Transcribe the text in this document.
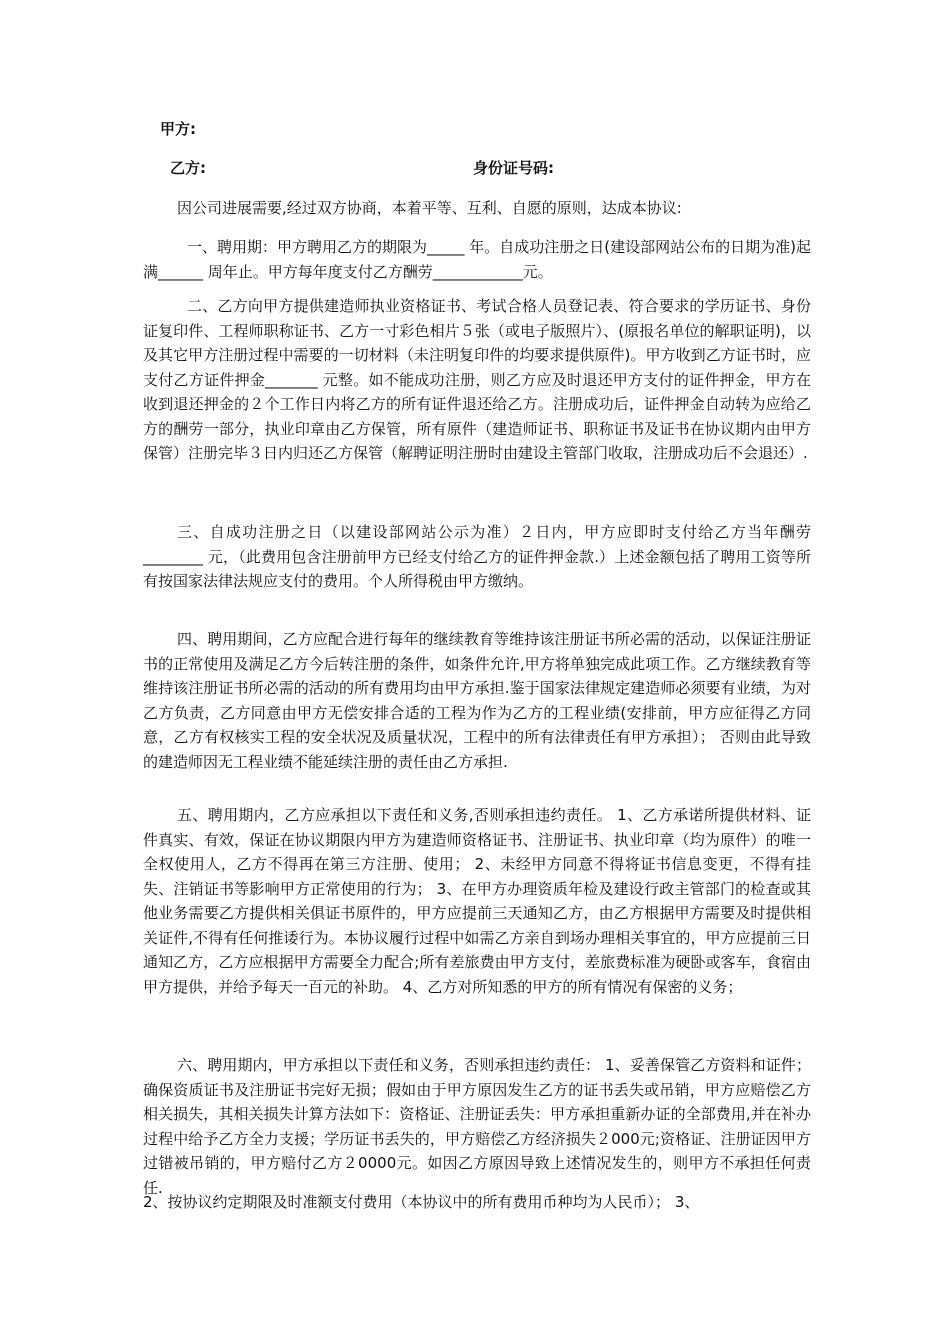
甲方:
乙方:	身份证号码:

因公司进展需要,经过双方协商，本着平等、互利、自愿的原则，达成本协议:

一、聘用期：甲方聘用乙方的期限为_____ 年。自成功注册之日(建设部网站公布的日期为准)起满______ 周年止。甲方每年度支付乙方酬劳____________元。

二、乙方向甲方提供建造师执业资格证书、考试合格人员登记表、符合要求的学历证书、身份证复印件、工程师职称证书、乙方一寸彩色相片５张（或电子版照片）、(原报名单位的解职证明)，以及其它甲方注册过程中需要的一切材料（未注明复印件的均要求提供原件)。甲方收到乙方证书时，应支付乙方证件押金_______ 元整。如不能成功注册，则乙方应及时退还甲方支付的证件押金，甲方在收到退还押金的２个工作日内将乙方的所有证件退还给乙方。注册成功后，证件押金自动转为应给乙方的酬劳一部分，执业印章由乙方保管，所有原件（建造师证书、职称证书及证书在协议期内由甲方保管）注册完毕３日内归还乙方保管（解聘证明注册时由建设主管部门收取，注册成功后不会退还）.

三、自成功注册之日（以建设部网站公示为准）２日内，甲方应即时支付给乙方当年酬劳________ 元，（此费用包含注册前甲方已经支付给乙方的证件押金款.）上述金额包括了聘用工资等所有按国家法律法规应支付的费用。个人所得税由甲方缴纳。

四、聘用期间，乙方应配合进行每年的继续教育等维持该注册证书所必需的活动，以保证注册证书的正常使用及满足乙方今后转注册的条件，如条件允许,甲方将单独完成此项工作。乙方继续教育等维持该注册证书所必需的活动的所有费用均由甲方承担.鉴于国家法律规定建造师必须要有业绩，为对乙方负责，乙方同意由甲方无偿安排合适的工程为作为乙方的工程业绩(安排前，甲方应征得乙方同意，乙方有权核实工程的安全状况及质量状况，工程中的所有法律责任有甲方承担）； 否则由此导致的建造师因无工程业绩不能延续注册的责任由乙方承担.

五、聘用期内，乙方应承担以下责任和义务,否则承担违约责任。 1、乙方承诺所提供材料、证件真实、有效，保证在协议期限内甲方为建造师资格证书、注册证书、执业印章（均为原件）的唯一全权使用人，乙方不得再在第三方注册、使用； 2、未经甲方同意不得将证书信息变更，不得有挂失、注销证书等影响甲方正常使用的行为； 3、在甲方办理资质年检及建设行政主管部门的检查或其他业务需要乙方提供相关俱证书原件的，甲方应提前三天通知乙方，由乙方根据甲方需要及时提供相关证件,不得有任何推诿行为。本协议履行过程中如需乙方亲自到场办理相关事宜的，甲方应提前三日通知乙方，乙方应根据甲方需要全力配合;所有差旅费由甲方支付，差旅费标准为硬卧或客车，食宿由甲方提供，并给予每天一百元的补助。 4、乙方对所知悉的甲方的所有情况有保密的义务；

六、聘用期内，甲方承担以下责任和义务，否则承担违约责任： 1、妥善保管乙方资料和证件；确保资质证书及注册证书完好无损；假如由于甲方原因发生乙方的证书丢失或吊销，甲方应赔偿乙方相关损失，其相关损失计算方法如下：资格证、注册证丢失：甲方承担重新办证的全部费用,并在补办过程中给予乙方全力支援；学历证书丢失的，甲方赔偿乙方经济损失２000元;资格证、注册证因甲方过错被吊销的，甲方赔付乙方２0000元。如因乙方原因导致上述情况发生的，则甲方不承担任何责任.

2、按协议约定期限及时准额支付费用（本协议中的所有费用币种均为人民币）； 3、
